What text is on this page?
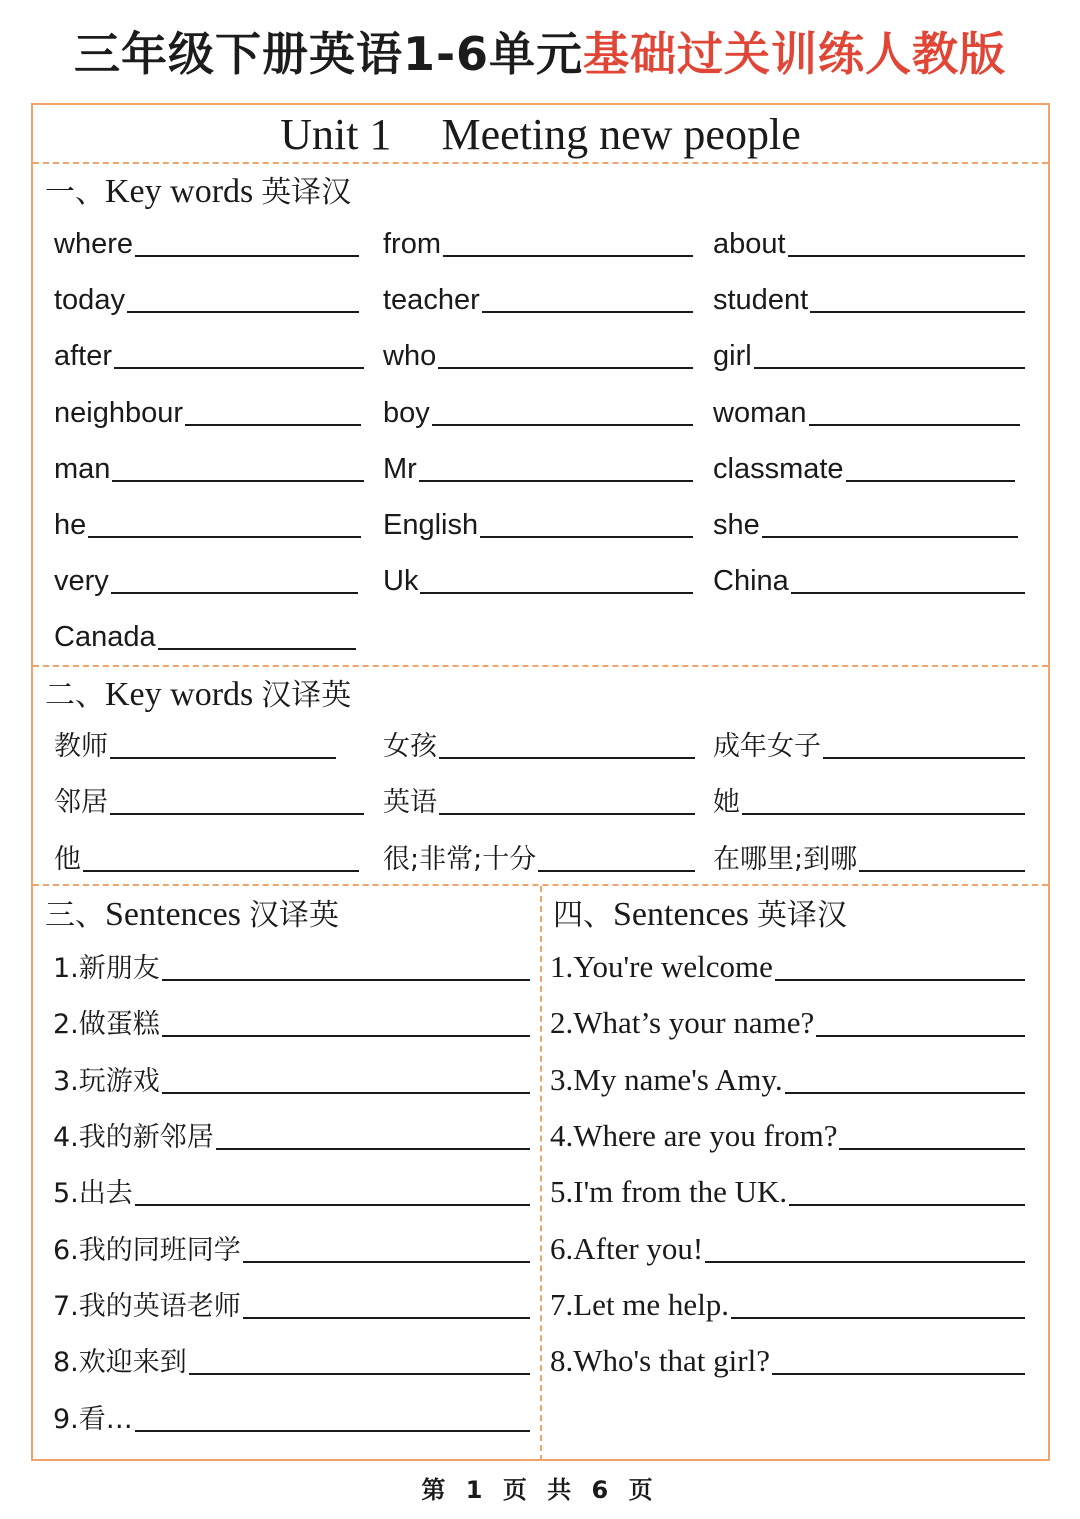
三年级下册英语1-6单元基础过关训练人教版
Unit 1 Meeting new people
一、Key words 英译汉
where	from	about
today	teacher	student
after	who	girl
neighbour	boy	woman
man	Mr	classmate
he	English	she
very	Uk	China
Canada
二、Key words 汉译英
教师	女孩	成年女子
邻居	英语	她
他	很;非常;十分	在哪里;到哪
三、Sentences 汉译英
1.新朋友
2.做蛋糕
3.玩游戏
4.我的新邻居
5.出去
6.我的同班同学
7.我的英语老师
8.欢迎来到
9.看…
四、Sentences 英译汉
1.You're welcome
2.What’s your name?
3.My name's Amy.
4.Where are you from?
5.I'm from the UK.
6.After you!
7.Let me help.
8.Who's that girl?
第 1 页 共 6 页
